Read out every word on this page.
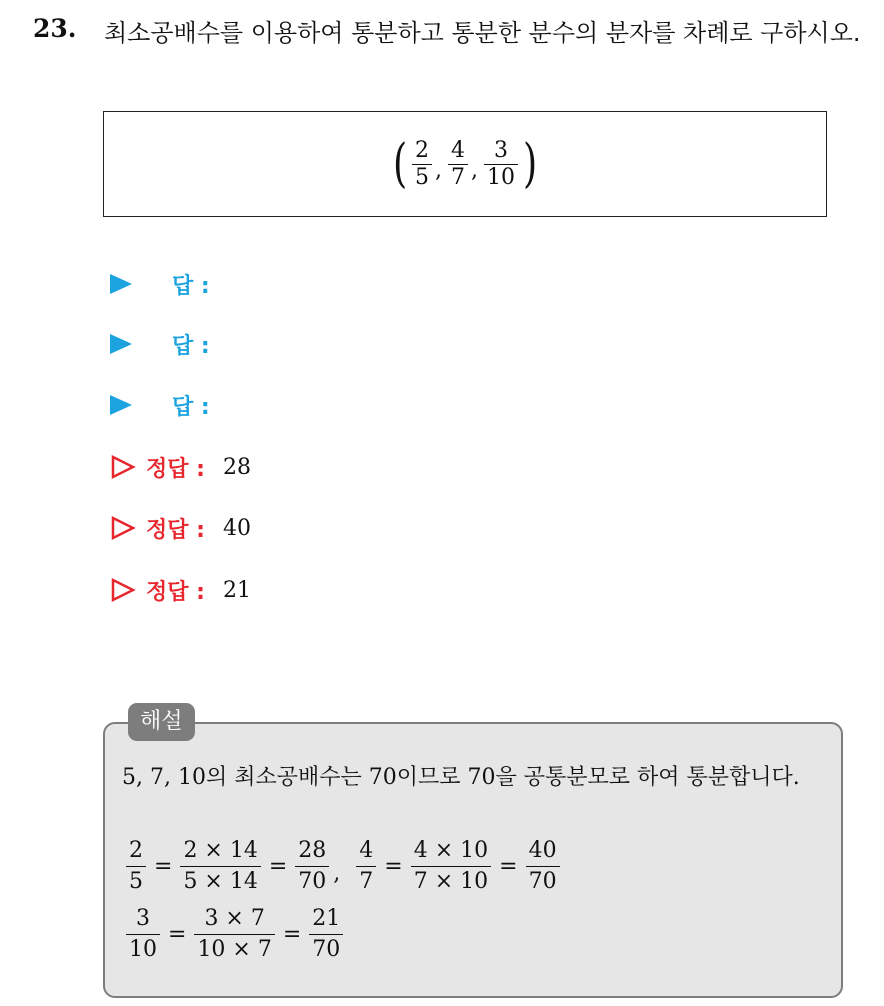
23. 최소공배수를 이용하여 통분하고 통분한 분수의 분자를 차례로 구하시오.
( $\frac{2}{5}$ , $\frac{4}{7}$ , $\frac{3}{10}$ )
답 :
답 :
답 :
정답 : 28
정답 : 40
정답 : 21
해설
5, 7, 10의 최소공배수는 70이므로 70을 공통분모로 하여 통분합니다.
$\frac{2}{5} = \frac{2 \times 14}{5 \times 14} = \frac{28}{70}$ , $\frac{4}{7} = \frac{4 \times 10}{7 \times 10} = \frac{40}{70}$
$\frac{3}{10} = \frac{3 \times 7}{10 \times 7} = \frac{21}{70}$
